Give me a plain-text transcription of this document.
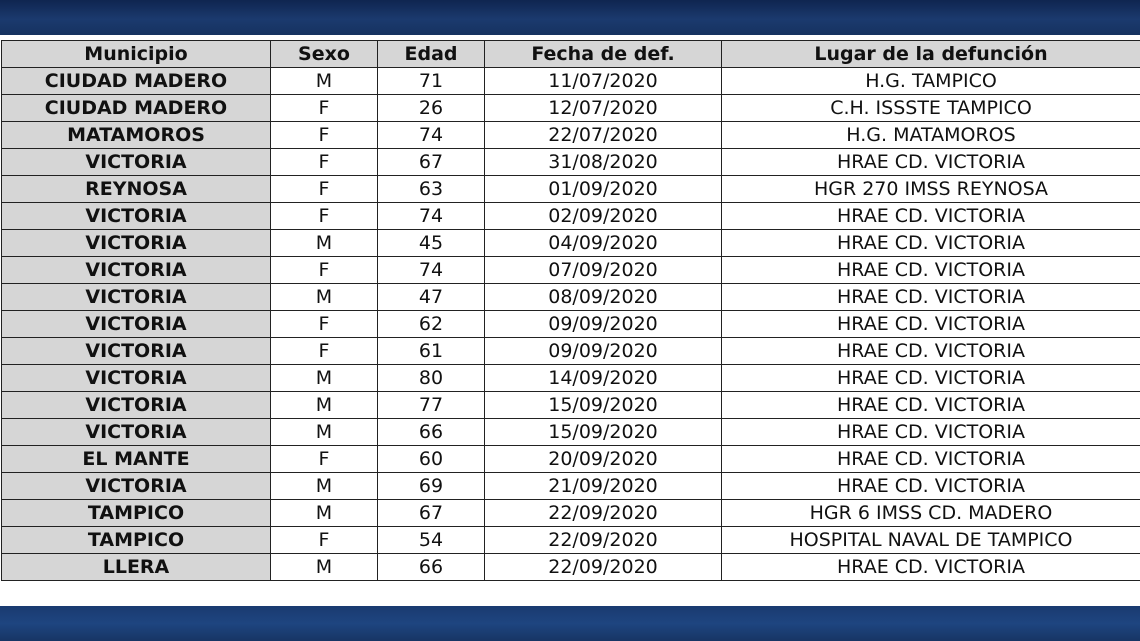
Municipio	Sexo	Edad	Fecha de def.	Lugar de la defunción
CIUDAD MADERO	M	71	11/07/2020	H.G. TAMPICO
CIUDAD MADERO	F	26	12/07/2020	C.H. ISSSTE TAMPICO
MATAMOROS	F	74	22/07/2020	H.G. MATAMOROS
VICTORIA	F	67	31/08/2020	HRAE CD. VICTORIA
REYNOSA	F	63	01/09/2020	HGR 270 IMSS REYNOSA
VICTORIA	F	74	02/09/2020	HRAE CD. VICTORIA
VICTORIA	M	45	04/09/2020	HRAE CD. VICTORIA
VICTORIA	F	74	07/09/2020	HRAE CD. VICTORIA
VICTORIA	M	47	08/09/2020	HRAE CD. VICTORIA
VICTORIA	F	62	09/09/2020	HRAE CD. VICTORIA
VICTORIA	F	61	09/09/2020	HRAE CD. VICTORIA
VICTORIA	M	80	14/09/2020	HRAE CD. VICTORIA
VICTORIA	M	77	15/09/2020	HRAE CD. VICTORIA
VICTORIA	M	66	15/09/2020	HRAE CD. VICTORIA
EL MANTE	F	60	20/09/2020	HRAE CD. VICTORIA
VICTORIA	M	69	21/09/2020	HRAE CD. VICTORIA
TAMPICO	M	67	22/09/2020	HGR 6 IMSS CD. MADERO
TAMPICO	F	54	22/09/2020	HOSPITAL NAVAL DE TAMPICO
LLERA	M	66	22/09/2020	HRAE CD. VICTORIA
